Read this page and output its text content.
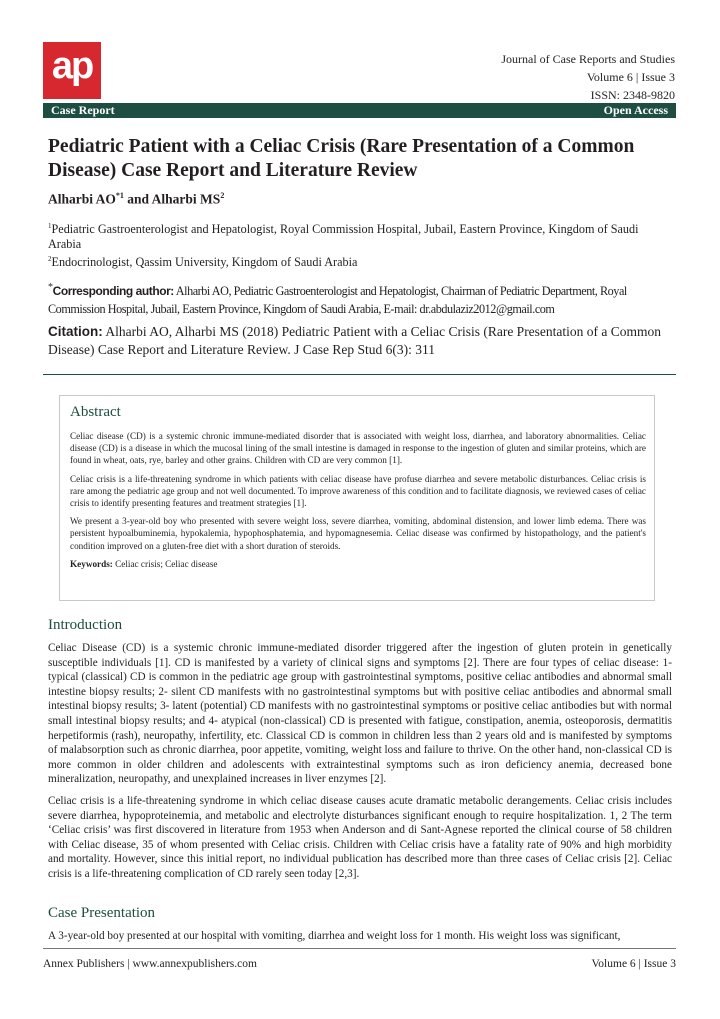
ap	Journal of Case Reports and Studies
Volume 6 | Issue 3
ISSN: 2348-9820
Case Report	Open Access
Pediatric Patient with a Celiac Crisis (Rare Presentation of a Common Disease) Case Report and Literature Review
Alharbi AO$^{*1}$ and Alharbi $MS^2$
$^1$Pediatric Gastroenterologist and Hepatologist, Royal Commission Hospital, Jubail, Eastern Province, Kingdom of Saudi Arabia
$^2$Endocrinologist, Qassim University, Kingdom of Saudi Arabia
*Corresponding author: Alharbi AO, Pediatric Gastroenterologist and Hepatologist, Chairman of Pediatric Department, Royal Commission Hospital, Jubail, Eastern Province, Kingdom of Saudi Arabia, E-mail: dr.abdulaziz2012@gmail.com
Citation: Alharbi AO, Alharbi MS (2018) Pediatric Patient with a Celiac Crisis (Rare Presentation of a Common Disease) Case Report and Literature Review. J Case Rep Stud 6(3): 311
Abstract

Celiac disease (CD) is a systemic chronic immune-mediated disorder that is associated with weight loss, diarrhea, and laboratory abnormalities. Celiac disease (CD) is a disease in which the mucosal lining of the small intestine is damaged in response to the ingestion of gluten and similar proteins, which are found in wheat, oats, rye, barley and other grains. Children with CD are very common [1].

Celiac crisis is a life-threatening syndrome in which patients with celiac disease have profuse diarrhea and severe metabolic disturbances. Celiac crisis is rare among the pediatric age group and not well documented. To improve awareness of this condition and to facilitate diagnosis, we reviewed cases of celiac crisis to identify presenting features and treatment strategies [1].

We present a 3-year-old boy who presented with severe weight loss, severe diarrhea, vomiting, abdominal distension, and lower limb edema. There was persistent hypoalbuminemia, hypokalemia, hypophosphatemia, and hypomagnesemia. Celiac disease was confirmed by histopathology, and the patient's condition improved on a gluten-free diet with a short duration of steroids.

Keywords: Celiac crisis; Celiac disease

Introduction

Celiac Disease (CD) is a systemic chronic immune-mediated disorder triggered after the ingestion of gluten protein in genetically susceptible individuals [1]. CD is manifested by a variety of clinical signs and symptoms [2]. There are four types of celiac disease: 1- typical (classical) CD is common in the pediatric age group with gastrointestinal symptoms, positive celiac antibodies and abnormal small intestine biopsy results; 2- silent CD manifests with no gastrointestinal symptoms but with positive celiac antibodies and abnormal small intestinal biopsy results; 3- latent (potential) CD manifests with no gastrointestinal symptoms or positive celiac antibodies but with normal small intestinal biopsy results; and 4- atypical (non-classical) CD is presented with fatigue, constipation, anemia, osteoporosis, dermatitis herpetiformis (rash), neuropathy, infertility, etc. Classical CD is common in children less than 2 years old and is manifested by symptoms of malabsorption such as chronic diarrhea, poor appetite, vomiting, weight loss and failure to thrive. On the other hand, non-classical CD is more common in older children and adolescents with extraintestinal symptoms such as iron deficiency anemia, decreased bone mineralization, neuropathy, and unexplained increases in liver enzymes [2].

Celiac crisis is a life-threatening syndrome in which celiac disease causes acute dramatic metabolic derangements. Celiac crisis includes severe diarrhea, hypoproteinemia, and metabolic and electrolyte disturbances significant enough to require hospitalization. 1, 2 The term ‘Celiac crisis’ was first discovered in literature from 1953 when Anderson and di Sant-Agnese reported the clinical course of 58 children with Celiac disease, 35 of whom presented with Celiac crisis. Children with Celiac crisis have a fatality rate of 90% and high morbidity and mortality. However, since this initial report, no individual publication has described more than three cases of Celiac crisis [2]. Celiac crisis is a life-threatening complication of CD rarely seen today [2,3].

Case Presentation

A 3-year-old boy presented at our hospital with vomiting, diarrhea and weight loss for 1 month. His weight loss was significant,

Annex Publishers | www.annexpublishers.com	Volume 6 | Issue 3
